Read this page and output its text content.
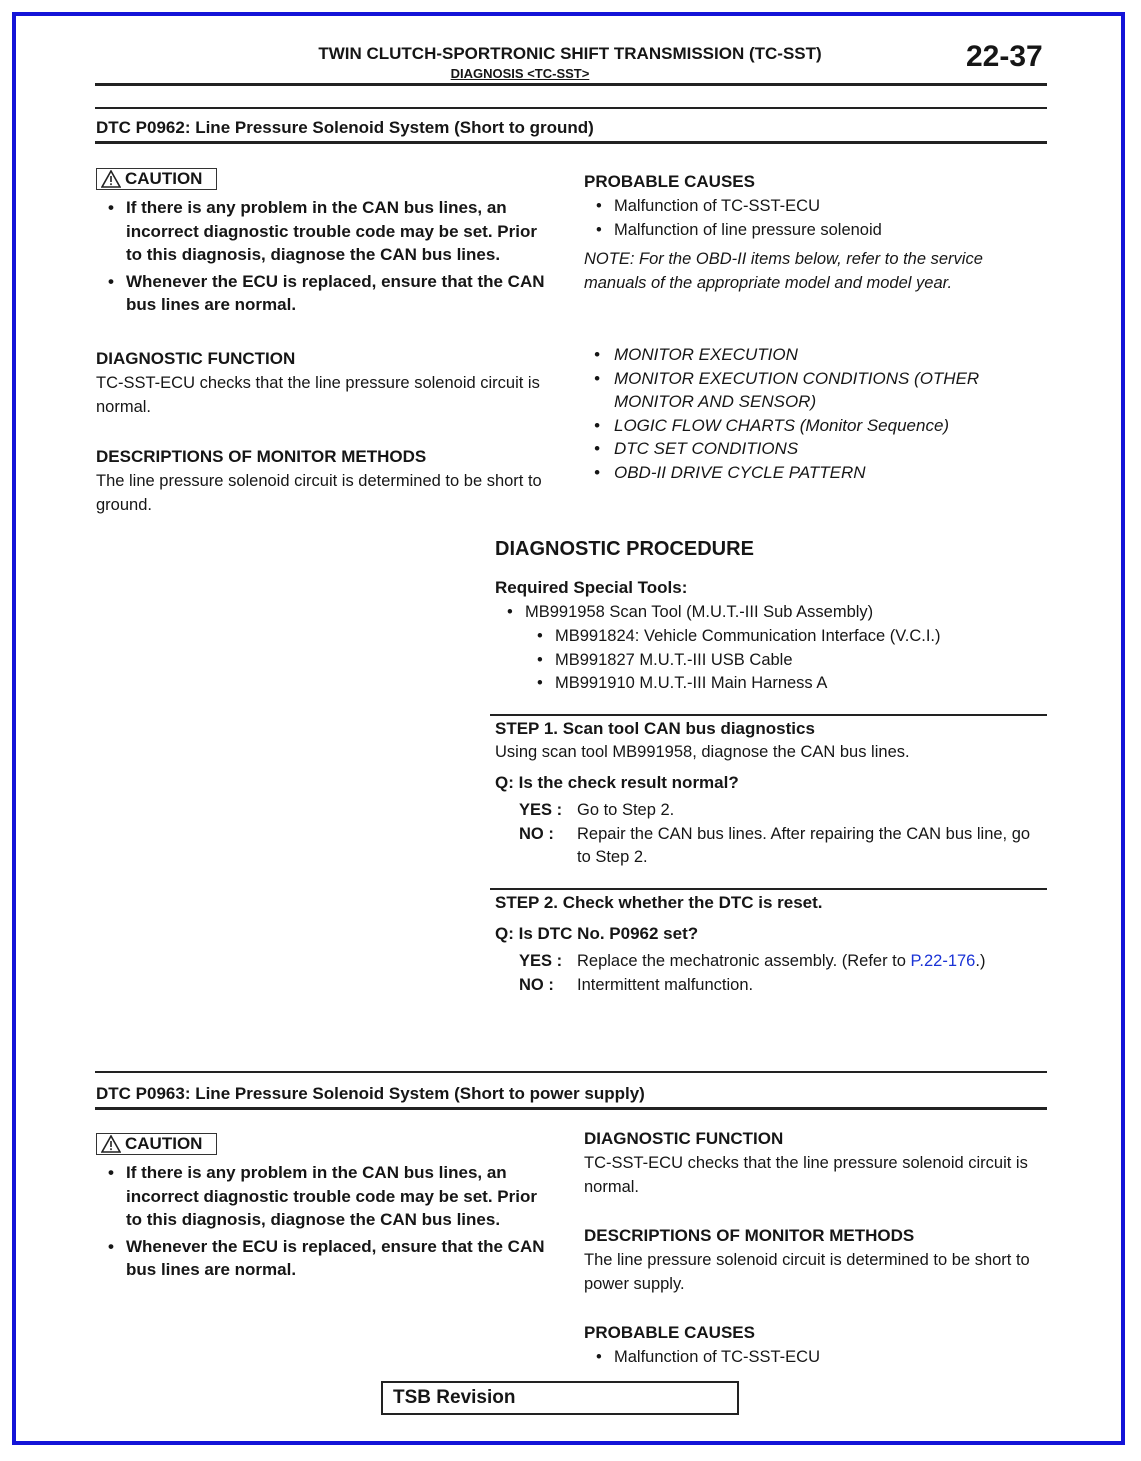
TWIN CLUTCH-SPORTRONIC SHIFT TRANSMISSION (TC-SST)
DIAGNOSIS <TC-SST>
22-37
DTC P0962: Line Pressure Solenoid System (Short to ground)
CAUTION
• If there is any problem in the CAN bus lines, an incorrect diagnostic trouble code may be set. Prior to this diagnosis, diagnose the CAN bus lines.
• Whenever the ECU is replaced, ensure that the CAN bus lines are normal.
DIAGNOSTIC FUNCTION
TC-SST-ECU checks that the line pressure solenoid circuit is normal.
DESCRIPTIONS OF MONITOR METHODS
The line pressure solenoid circuit is determined to be short to ground.
PROBABLE CAUSES
• Malfunction of TC-SST-ECU
• Malfunction of line pressure solenoid
NOTE: For the OBD-II items below, refer to the service manuals of the appropriate model and model year.
• MONITOR EXECUTION
• MONITOR EXECUTION CONDITIONS (OTHER MONITOR AND SENSOR)
• LOGIC FLOW CHARTS (Monitor Sequence)
• DTC SET CONDITIONS
• OBD-II DRIVE CYCLE PATTERN
DIAGNOSTIC PROCEDURE
Required Special Tools:
• MB991958 Scan Tool (M.U.T.-III Sub Assembly)
• MB991824: Vehicle Communication Interface (V.C.I.)
• MB991827 M.U.T.-III USB Cable
• MB991910 M.U.T.-III Main Harness A
STEP 1. Scan tool CAN bus diagnostics
Using scan tool MB991958, diagnose the CAN bus lines.
Q: Is the check result normal?
YES : Go to Step 2.
NO :	Repair the CAN bus lines. After repairing the CAN bus line, go to Step 2.
STEP 2. Check whether the DTC is reset.
Q: Is DTC No. P0962 set?
YES : Replace the mechatronic assembly. (Refer to P.22-176.)
NO :	Intermittent malfunction.
DTC P0963: Line Pressure Solenoid System (Short to power supply)
CAUTION
• If there is any problem in the CAN bus lines, an incorrect diagnostic trouble code may be set. Prior to this diagnosis, diagnose the CAN bus lines.
• Whenever the ECU is replaced, ensure that the CAN bus lines are normal.
DIAGNOSTIC FUNCTION
TC-SST-ECU checks that the line pressure solenoid circuit is normal.
DESCRIPTIONS OF MONITOR METHODS
The line pressure solenoid circuit is determined to be short to power supply.
PROBABLE CAUSES
• Malfunction of TC-SST-ECU
TSB Revision
